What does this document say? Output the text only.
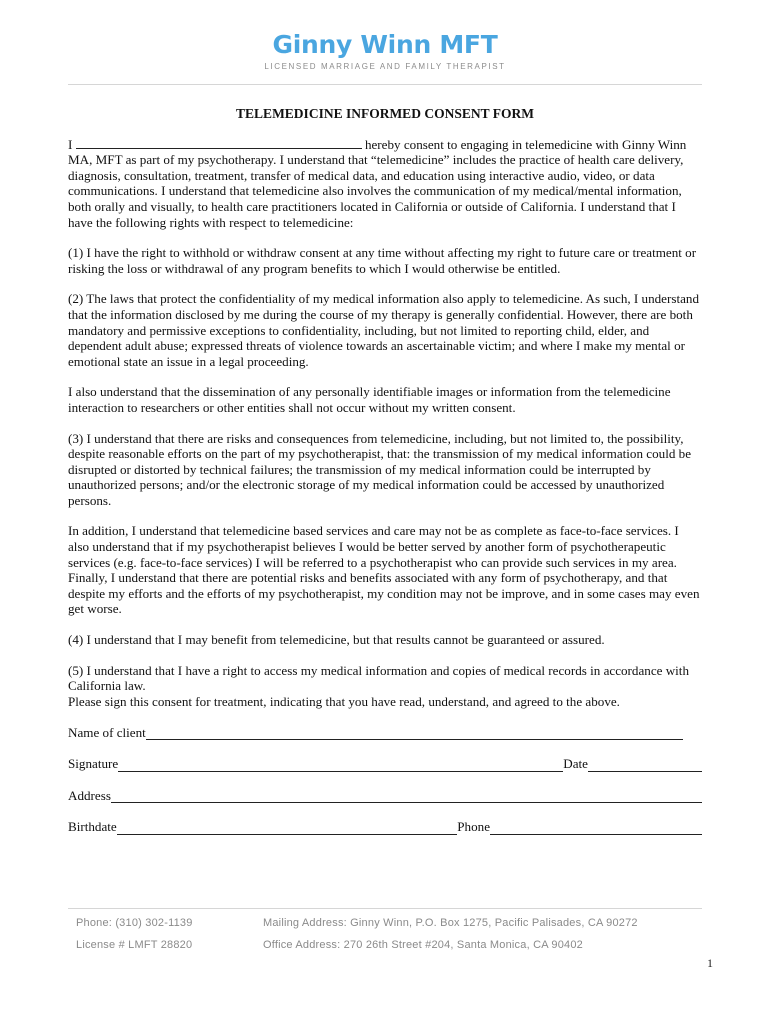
Ginny Winn MFT
LICENSED MARRIAGE AND FAMILY THERAPIST
TELEMEDICINE INFORMED CONSENT FORM

I	hereby consent to engaging in telemedicine with Ginny Winn MA, MFT as part of my psychotherapy. I understand that “telemedicine” includes the practice of health care delivery, diagnosis, consultation, treatment, transfer of medical data, and education using interactive audio, video, or data communications. I understand that telemedicine also involves the communication of my medical/mental information, both orally and visually, to health care practitioners located in California or outside of California. I understand that I have the following rights with respect to telemedicine:

(1) I have the right to withhold or withdraw consent at any time without affecting my right to future care or treatment or risking the loss or withdrawal of any program benefits to which I would otherwise be entitled.

(2) The laws that protect the confidentiality of my medical information also apply to telemedicine. As such, I understand that the information disclosed by me during the course of my therapy is generally confidential. However, there are both mandatory and permissive exceptions to confidentiality, including, but not limited to reporting child, elder, and dependent adult abuse; expressed threats of violence towards an ascertainable victim; and where I make my mental or emotional state an issue in a legal proceeding.

I also understand that the dissemination of any personally identifiable images or information from the telemedicine interaction to researchers or other entities shall not occur without my written consent.

(3) I understand that there are risks and consequences from telemedicine, including, but not limited to, the possibility, despite reasonable efforts on the part of my psychotherapist, that: the transmission of my medical information could be disrupted or distorted by technical failures; the transmission of my medical information could be interrupted by unauthorized persons; and/or the electronic storage of my medical information could be accessed by unauthorized persons.

In addition, I understand that telemedicine based services and care may not be as complete as face-to-face services. I also understand that if my psychotherapist believes I would be better served by another form of psychotherapeutic services (e.g. face-to-face services) I will be referred to a psychotherapist who can provide such services in my area. Finally, I understand that there are potential risks and benefits associated with any form of psychotherapy, and that despite my efforts and the efforts of my psychotherapist, my condition may not be improve, and in some cases may even get worse.

(4) I understand that I may benefit from telemedicine, but that results cannot be guaranteed or assured.

(5) I understand that I have a right to access my medical information and copies of medical records in accordance with California law.
Please sign this consent for treatment, indicating that you have read, understand, and agreed to the above.

Name of client
Signature	Date
Address
Birthdate	Phone
Phone: (310) 302-1139	Mailing Address: Ginny Winn, P.O. Box 1275, Pacific Palisades, CA 90272
License # LMFT 28820	Office Address: 270 26th Street #204, Santa Monica, CA 90402
1
